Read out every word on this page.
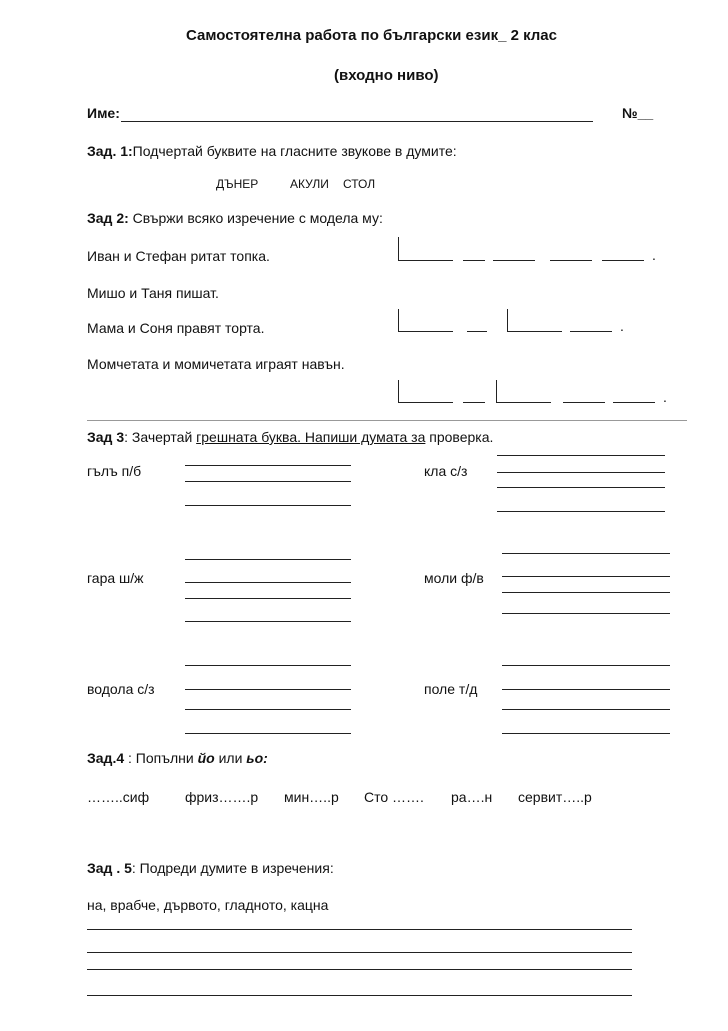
Самостоятелна работа по български език_ 2 клас
(входно ниво)
Име:	№__
Зад. 1:Подчертай буквите на гласните звукове в думите:
ДЪНЕР	АКУЛИ СТОЛ
Зад 2: Свържи всяко изречение с модела му:
Иван и Стефан ритат топка.
Мишо и Таня пишат.
Мама и Соня правят торта.
Момчетата и момичетата играят навън.
.
.
.
Зад 3: Зачертай грешната буква. Напиши думата за проверка.
гълъ п/б	кла с/з
гара ш/ж	моли ф/в
водола с/з	поле т/д
Зад.4 : Попълни йо или ьо:
……..сиф	фриз…….р мин…..р Сто ……. ра….н сервит…..р
Зад . 5: Подреди думите в изречения:
на, врабче, дървото, гладното, кацна
